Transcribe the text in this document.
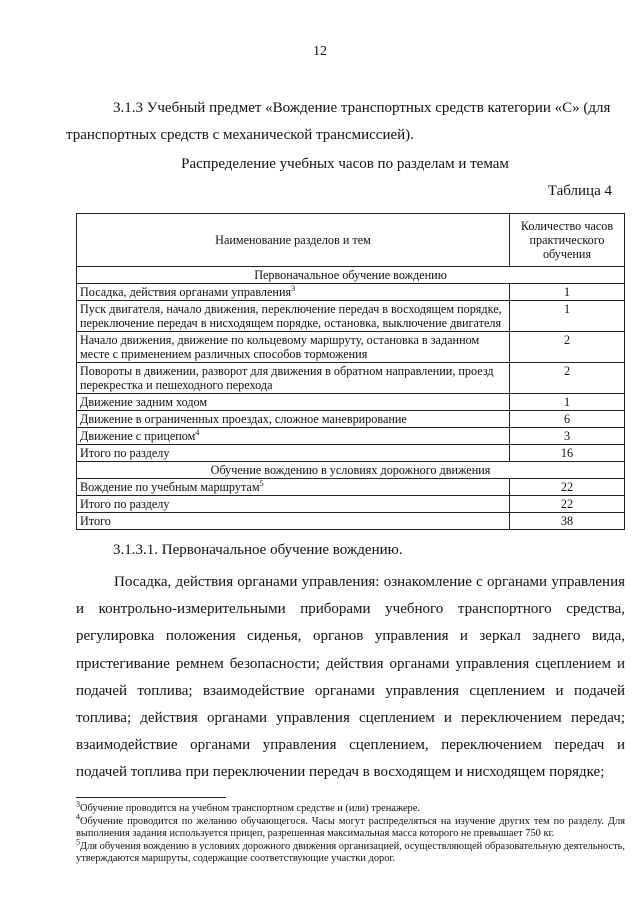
12
3.1.3 Учебный предмет «Вождение транспортных средств категории «С» (для транспортных средств с механической трансмиссией).
Распределение учебных часов по разделам и темам
Таблица 4
Наименование разделов и тем	Количество часов практического обучения
Первоначальное обучение вождению	
Посадка, действия органами управления$^3$	1
Пуск двигателя, начало движения, переключение передач в восходящем порядке, переключение передач в нисходящем порядке, остановка, выключение двигателя	1
Начало движения, движение по кольцевому маршруту, остановка в заданном месте с применением различных способов торможения	2
Повороты в движении, разворот для движения в обратном направлении, проезд перекрестка и пешеходного перехода	2
Движение задним ходом	1
Движение в ограниченных проездах, сложное маневрирование	6
Движение с прицепом$^4$	3
Итого по разделу	16
Обучение вождению в условиях дорожного движения	
Вождение по учебным маршрутам$^5$	22
Итого по разделу	22
Итого	38
3.1.3.1. Первоначальное обучение вождению.

Посадка, действия органами управления: ознакомление с органами управления и контрольно-измерительными приборами учебного транспортного средства, регулировка положения сиденья, органов управления и зеркал заднего вида, пристегивание ремнем безопасности; действия органами управления сцеплением и подачей топлива; взаимодействие органами управления сцеплением и подачей топлива; действия органами управления сцеплением и переключением передач; взаимодействие органами управления сцеплением, переключением передач и подачей топлива при переключении передач в восходящем и нисходящем порядке;

$^3$Обучение проводится на учебном транспортном средстве и (или) тренажере.

$^4$Обучение проводится по желанию обучающегося. Часы могут распределяться на изучение других тем по разделу. Для выполнения задания используется прицеп, разрешенная максимальная масса которого не превышает 750 кг.

$^5$Для обучения вождению в условиях дорожного движения организацией, осуществляющей образовательную деятельность, утверждаются маршруты, содержащие соответствующие участки дорог.
